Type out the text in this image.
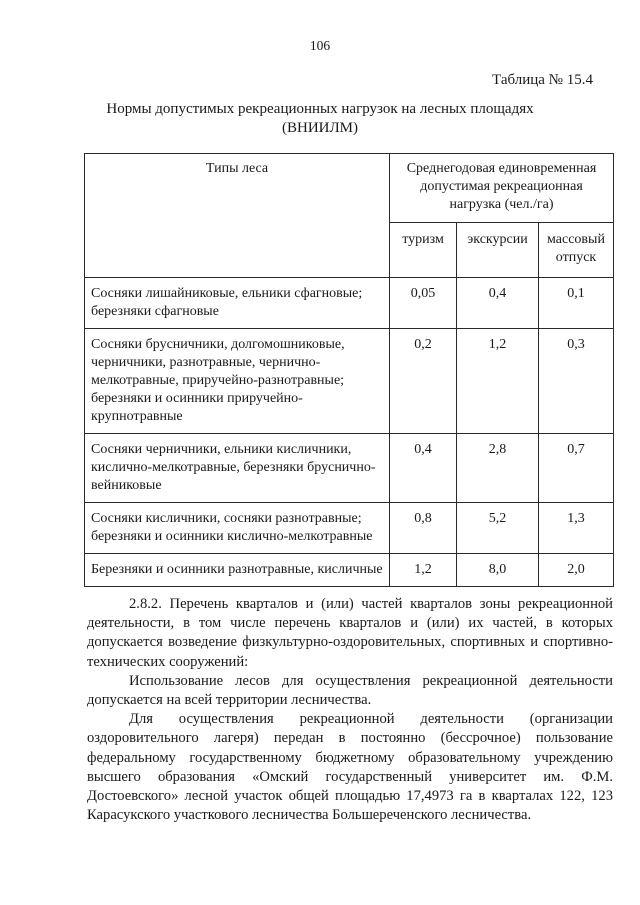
106
Таблица № 15.4
Нормы допустимых рекреационных нагрузок на лесных площадях
(ВНИИЛМ)
Типы леса	Среднегодовая единовременная допустимая рекреационная нагрузка (чел./га)		
	туризм	экскурсии	массовый отпуск
Сосняки лишайниковые, ельники сфагновые; березняки сфагновые	0,05	0,4	0,1
Сосняки брусничники, долгомошниковые, черничники, разнотравные, чернично-мелкотравные, приручейно-разнотравные; березняки и осинники приручейно-крупнотравные	0,2	1,2	0,3
Сосняки черничники, ельники кисличники, кислично-мелкотравные, березняки бруснично-вейниковые	0,4	2,8	0,7
Сосняки кисличники, сосняки разнотравные; березняки и осинники кислично-мелкотравные	0,8	5,2	1,3
Березняки и осинники разнотравные, кисличные	1,2	8,0	2,0

2.8.2. Перечень кварталов и (или) частей кварталов зоны рекреационной деятельности, в том числе перечень кварталов и (или) их частей, в которых допускается возведение физкультурно-оздоровительных, спортивных и спортивно-технических сооружений:

Использование лесов для осуществления рекреационной деятельности допускается на всей территории лесничества.

Для осуществления рекреационной деятельности (организации оздоровительного лагеря) передан в постоянно (бессрочное) пользование федеральному государственному бюджетному образовательному учреждению высшего образования «Омский государственный университет им. Ф.М. Достоевского» лесной участок общей площадью 17,4973 га в кварталах 122, 123 Карасукского участкового лесничества Большереченского лесничества.
